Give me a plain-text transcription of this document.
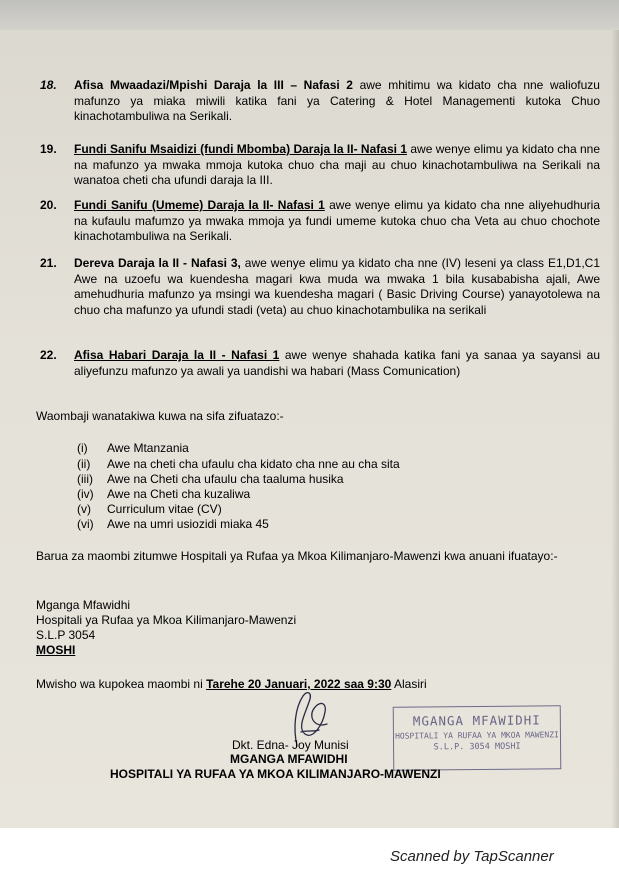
18.	Afisa Mwaadazi/Mpishi Daraja la III – Nafasi 2 awe mhitimu wa kidato cha nne waliofuzu mafunzo ya miaka miwili katika fani ya Catering & Hotel Managementi kutoka Chuo kinachotambuliwa na Serikali.
19.	Fundi Sanifu Msaidizi (fundi Mbomba) Daraja la II- Nafasi 1 awe wenye elimu ya kidato cha nne na mafunzo ya mwaka mmoja kutoka chuo cha maji au chuo kinachotambuliwa na Serikali na wanatoa cheti cha ufundi daraja la III.
20.	Fundi Sanifu (Umeme) Daraja la II- Nafasi 1 awe wenye elimu ya kidato cha nne aliyehudhuria na kufaulu mafumzo ya mwaka mmoja ya fundi umeme kutoka chuo cha Veta au chuo chochote kinachotambuliwa na Serikali.
21.	Dereva Daraja la II - Nafasi 3, awe wenye elimu ya kidato cha nne (IV) leseni ya class E1,D1,C1 Awe na uzoefu wa kuendesha magari kwa muda wa mwaka 1 bila kusababisha ajali, Awe amehudhuria mafunzo ya msingi wa kuendesha magari ( Basic Driving Course) yanayotolewa na chuo cha mafunzo ya ufundi stadi (veta) au chuo kinachotambulika na serikali
22.	Afisa Habari Daraja la II - Nafasi 1 awe wenye shahada katika fani ya sanaa ya sayansi au aliyefunzu mafunzo ya awali ya uandishi wa habari (Mass Comunication)
Waombaji wanatakiwa kuwa na sifa zifuatazo:-
(i) Awe Mtanzania
(ii) Awe na cheti cha ufaulu cha kidato cha nne au cha sita
(iii) Awe na Cheti cha ufaulu cha taaluma husika
(iv) Awe na Cheti cha kuzaliwa
(v) Curriculum vitae (CV)
(vi) Awe na umri usiozidi miaka 45
Barua za maombi zitumwe Hospitali ya Rufaa ya Mkoa Kilimanjaro-Mawenzi kwa anuani ifuatayo:-
Mganga Mfawidhi
Hospitali ya Rufaa ya Mkoa Kilimanjaro-Mawenzi
S.L.P 3054
MOSHI
Mwisho wa kupokea maombi ni Tarehe 20 Januari, 2022 saa 9:30 Alasiri
MGANGA MFAWIDHI
HOSPITALI YA RUFAA YA MKOA MAWENZI
S.L.P. 3054 MOSHI
Dkt. Edna- Joy Munisi
MGANGA MFAWIDHI
HOSPITALI YA RUFAA YA MKOA KILIMANJARO-MAWENZI
Scanned by TapScanner
